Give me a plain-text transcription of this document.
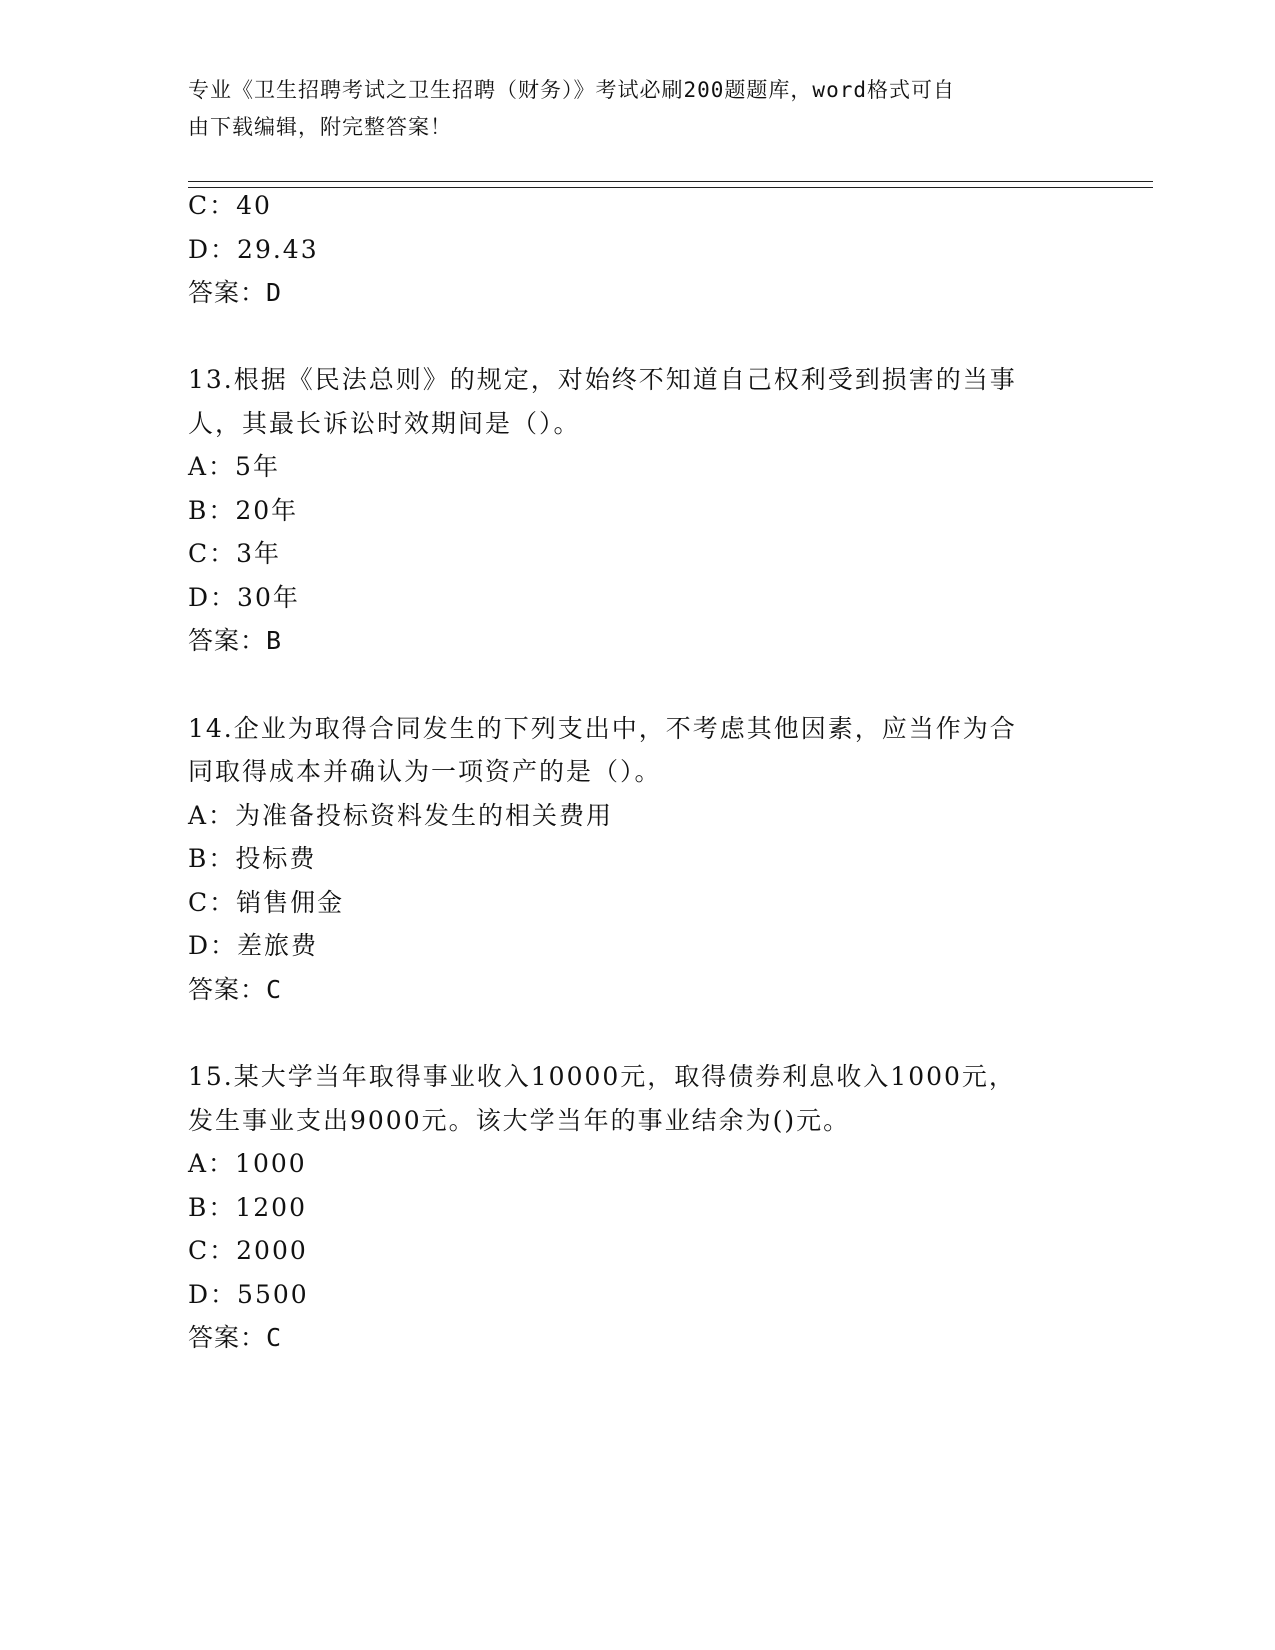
专业《卫生招聘考试之卫生招聘（财务）》考试必刷200题题库，word格式可自
由下载编辑，附完整答案！
C：40
D：29.43
答案：D
13.根据《民法总则》的规定，对始终不知道自己权利受到损害的当事
人，其最长诉讼时效期间是（）。
A：5年
B：20年
C：3年
D：30年
答案：B
14.企业为取得合同发生的下列支出中，不考虑其他因素，应当作为合
同取得成本并确认为一项资产的是（）。
A：为准备投标资料发生的相关费用
B：投标费
C：销售佣金
D：差旅费
答案：C
15.某大学当年取得事业收入10000元，取得债券利息收入1000元，
发生事业支出9000元。该大学当年的事业结余为()元。
A：1000
B：1200
C：2000
D：5500
答案：C
